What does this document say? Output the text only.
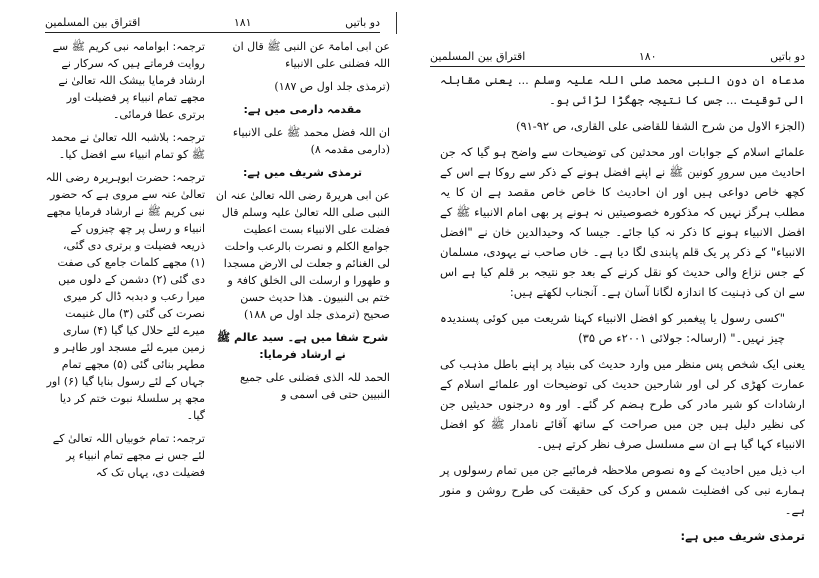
دو باتیں
۱۸۱
اقتراق بين المسلمين

عن ابی امامۃ عن النبی ﷺ قال ان اللہ فضلنی علی الانبیاء

(ترمذی جلد اول ص ۱۸۷)

مقدمہ دارمی میں ہے:

ان اللہ فضل محمد ﷺ علی الانبیاء (دارمی مقدمہ ۸)

ترمذی شریف میں ہے:

عن ابی ھریرۃ رضی اللہ تعالیٰ عنہ ان النبی صلی اللہ تعالیٰ علیہ وسلم قال فضلت علی الانبیاء بست اعطیت جوامع الکلم و نصرت بالرعب واحلت لی الغنائم و جعلت لی الارض مسجدا و طھورا و ارسلت الی الخلق کافۃ و ختم بی النبیون۔ ھذا حدیث حسن صحیح (ترمذی جلد اول ص ۱۸۸)

شرح شفا میں ہے۔ سید عالم ﷺ نے ارشاد فرمایا:

الحمد للہ الذی فضلنی علی جمیع النبیین حتی فی اسمی و

ترجمہ: ابوامامہ نبی کریم ﷺ سے روایت فرماتے ہیں کہ سرکار نے ارشاد فرمایا بیشک اللہ تعالیٰ نے مجھے تمام انبیاء پر فضیلت اور برتری عطا فرمائی۔

ترجمہ: بلاشبہ اللہ تعالیٰ نے محمد ﷺ کو تمام انبیاء سے افضل کیا۔

ترجمہ: حضرت ابوہریرہ رضی اللہ تعالیٰ عنہ سے مروی ہے کہ حضور نبی کریم ﷺ نے ارشاد فرمایا مجھے انبیاء و رسل پر چھ چیزوں کے ذریعہ فضیلت و برتری دی گئی، (۱) مجھے کلمات جامع کی صفت دی گئی (۲) دشمن کے دلوں میں میرا رعب و دبدبہ ڈال کر میری نصرت کی گئی (۳) مال غنیمت میرے لئے حلال کیا گیا (۴) ساری زمین میرے لئے مسجد اور طاہر و مطہر بنائی گئی (۵) مجھے تمام جہاں کے لئے رسول بنایا گیا (۶) اور مجھ پر سلسلۂ نبوت ختم کر دیا گیا۔

ترجمہ: تمام خوبیاں اللہ تعالیٰ کے لئے جس نے مجھے تمام انبیاء پر فضیلت دی، یہاں تک کہ

دو باتیں
۱۸۰
اقتراق بین المسلمین

مدعاہ ان دون النبی محمد صلی اللہ علیہ وسلم ... یعنی مقابلہ الی توقیت ... جس کا نتیجہ جھگڑا لڑائی ہو۔

(الجزء الاول من شرح الشفا للقاضی علی القاری، ص ۹۲-۹۱)

علمائے اسلام کے جوابات اور محدثین کی توضیحات سے واضح ہو گیا کہ جن احادیث میں سرورِ کونین ﷺ نے اپنے افضل ہونے کے ذکر سے روکا ہے اس کے کچھ خاص دواعی ہیں اور ان احادیث کا خاص خاص مقصد ہے ان کا یہ مطلب ہرگز نہیں کہ مذکورہ خصوصیتیں نہ ہونے پر بھی امام الانبیاء ﷺ کے افضل الانبیاء ہونے کا ذکر نہ کیا جائے۔ جیسا کہ وحیدالدین خان نے "افضل الانبیاء" کے ذکر پر یک قلم پابندی لگا دیا ہے۔ خاں صاحب نے یہودی، مسلمان کے جس نزاع والی حدیث کو نقل کرنے کے بعد جو نتیجہ بر قلم کیا ہے اس سے ان کی ذہنیت کا اندازہ لگانا آسان ہے۔ آنجناب لکھتے ہیں:

"کسی رسول یا پیغمبر کو افضل الانبیاء کہنا شریعت میں کوئی پسندیدہ چیز نہیں۔" (ارسالہ: جولائی ۲۰۰۱ء ص ۳۵)

یعنی ایک شخص پس منظر میں وارد حدیث کی بنیاد پر اپنے باطل مذہب کی عمارت کھڑی کر لی اور شارحین حدیث کی توضیحات اور علمائے اسلام کے ارشادات کو شیر مادر کی طرح ہضم کر گئے۔ اور وہ درجنوں حدیثیں جن کی نظیر دلیل ہیں جن میں صراحت کے ساتھ آقائے نامدار ﷺ کو افضل الانبیاء کہا گیا ہے ان سے مسلسل صرف نظر کرتے ہیں۔

اب ذیل میں احادیث کے وہ نصوص ملاحظہ فرمائیے جن میں تمام رسولوں پر ہمارے نبی کی افضلیت شمس و کرک کی حقیقت کی طرح روشن و منور ہے۔

ترمذی شریف میں ہے:
